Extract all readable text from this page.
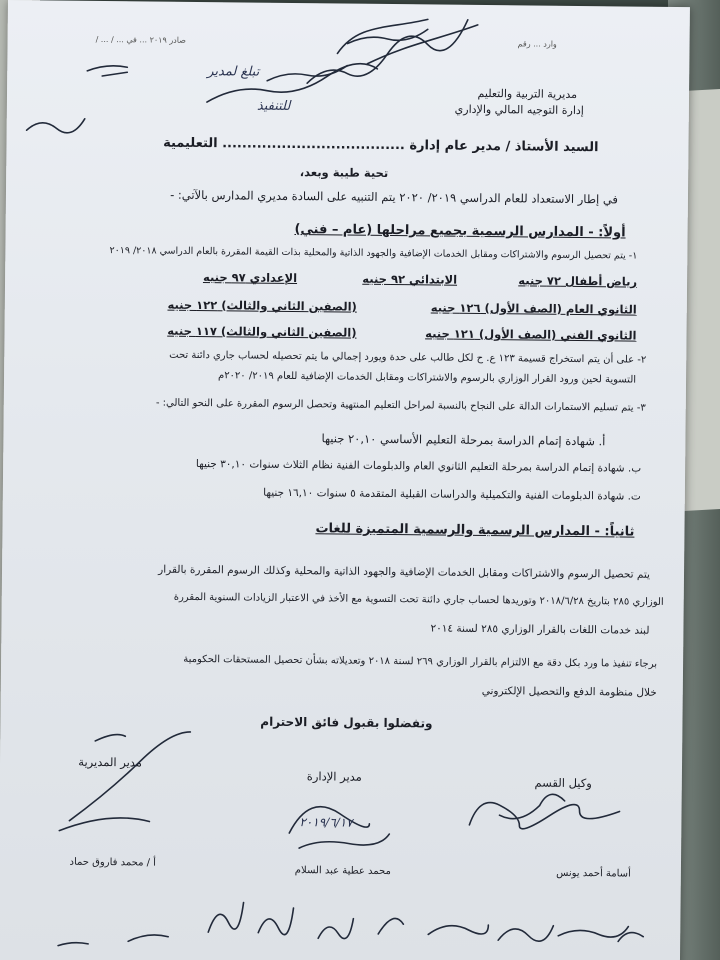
صادر ٢٠١٩ ... في ... / ... /	وارد ... رقم
مديرية التربية والتعليم
إدارة التوجيه المالي والإداري
تبلغ لمدير
للتنفيذ
السيد الأستاذ / مدير عام إدارة ..................................... التعليمية
تحية طيبة وبعد،
في إطار الاستعداد للعام الدراسي ٢٠١٩/ ٢٠٢٠ يتم التنبيه على السادة مديري المدارس بالآتي: -
أولاً: - المدارس الرسمية بجميع مراحلها (عام – فني)
١- يتم تحصيل الرسوم والاشتراكات ومقابل الخدمات الإضافية والجهود الذاتية والمحلية بذات القيمة المقررة بالعام الدراسي ٢٠١٨/ ٢٠١٩
رياض أطفال ٧٢ جنيه
الابتدائي ٩٢ جنيه
الإعدادي ٩٧ جنيه
الثانوي العام (الصف الأول) ١٢٦ جنيه
(الصفين الثاني والثالث) ١٢٢ جنيه
الثانوي الفني (الصف الأول) ١٢١ جنيه
(الصفين الثاني والثالث) ١١٧ جنيه
٢- على أن يتم استخراج قسيمة ١٢٣ ع. ح لكل طالب على حدة ويورد إجمالي ما يتم تحصيله لحساب جاري دائنة تحت
التسوية لحين ورود القرار الوزاري بالرسوم والاشتراكات ومقابل الخدمات الإضافية للعام ٢٠١٩/ ٢٠٢٠م
٣- يتم تسليم الاستمارات الدالة على النجاح بالنسبة لمراحل التعليم المنتهية وتحصل الرسوم المقررة على النحو التالي: -
أ. شهادة إتمام الدراسة بمرحلة التعليم الأساسي ٢٠,١٠ جنيها
ب. شهادة إتمام الدراسة بمرحلة التعليم الثانوي العام والدبلومات الفنية نظام الثلاث سنوات ٣٠,١٠ جنيها
ت. شهادة الدبلومات الفنية والتكميلية والدراسات القبلية المتقدمة ٥ سنوات ١٦,١٠ جنيها
ثانياً: - المدارس الرسمية والرسمية المتميزة للغات
يتم تحصيل الرسوم والاشتراكات ومقابل الخدمات الإضافية والجهود الذاتية والمحلية وكذلك الرسوم المقررة بالقرار
الوزاري ٢٨٥ بتاريخ ٢٠١٨/٦/٢٨ وتوريدها لحساب جاري دائنة تحت التسوية مع الأخذ في الاعتبار الزيادات السنوية المقررة
لبند خدمات اللغات بالقرار الوزاري ٢٨٥ لسنة ٢٠١٤
برجاء تنفيذ ما ورد بكل دقة مع الالتزام بالقرار الوزاري ٢٦٩ لسنة ٢٠١٨ وتعديلاته بشأن تحصيل المستحقات الحكومية
خلال منظومة الدفع والتحصيل الإلكتروني
وتفضلوا بقبول فائق الاحترام
وكيل القسم
مدير الإدارة
مدير المديرية
٢٠١٩/٦/١٧
أسامة أحمد يونس
محمد عطية عبد السلام
أ / محمد فاروق حماد
